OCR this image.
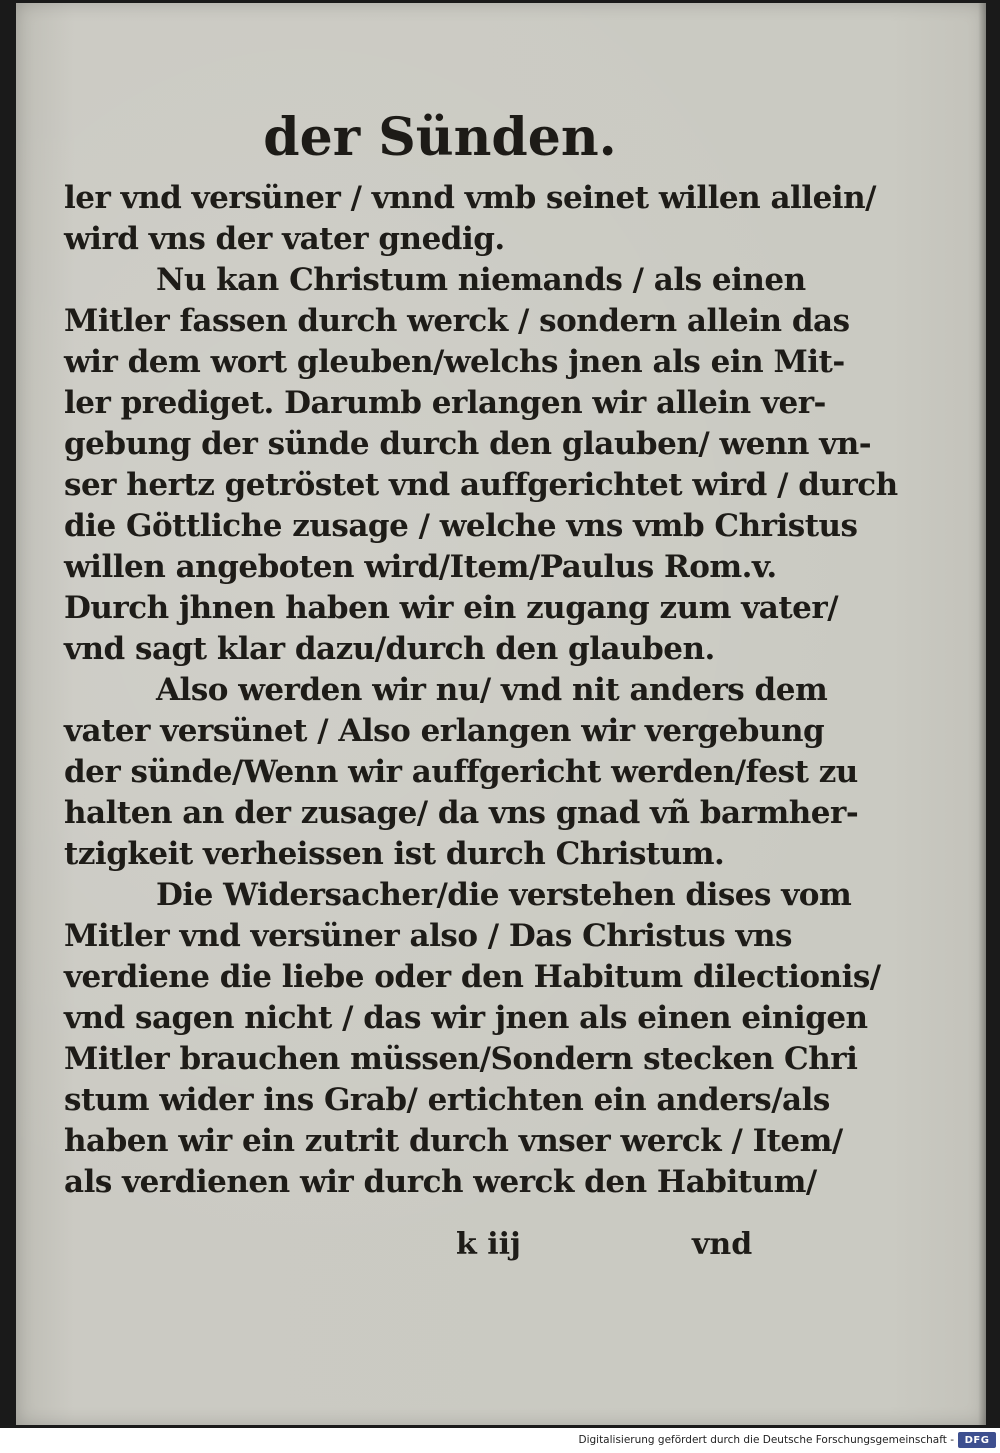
der Sünden.
ler vnd versüner / vnnd vmb seinet willen allein/
wird vns der vater gnedig.
Nu kan Christum niemands / als einen
Mitler fassen durch werck / sondern allein das
wir dem wort gleuben/welchs jnen als ein Mit-
ler prediget. Darumb erlangen wir allein ver-
gebung der sünde durch den glauben/ wenn vn-
ser hertz getröstet vnd auffgerichtet wird / durch
die Göttliche zusage / welche vns vmb Christus
willen angeboten wird/Item/Paulus Rom.v.
Durch jhnen haben wir ein zugang zum vater/
vnd sagt klar dazu/durch den glauben.
Also werden wir nu/ vnd nit anders dem
vater versünet / Also erlangen wir vergebung
der sünde/Wenn wir auffgericht werden/fest zu
halten an der zusage/ da vns gnad vñ barmher-
tzigkeit verheissen ist durch Christum.
Die Widersacher/die verstehen dises vom
Mitler vnd versüner also / Das Christus vns
verdiene die liebe oder den Habitum dilectionis/
vnd sagen nicht / das wir jnen als einen einigen
Mitler brauchen müssen/Sondern stecken Chri
stum wider ins Grab/ ertichten ein anders/als
haben wir ein zutrit durch vnser werck / Item/
als verdienen wir durch werck den Habitum/
k iij	vnd
Digitalisierung gefördert durch die Deutsche Forschungsgemeinschaft - DFG
